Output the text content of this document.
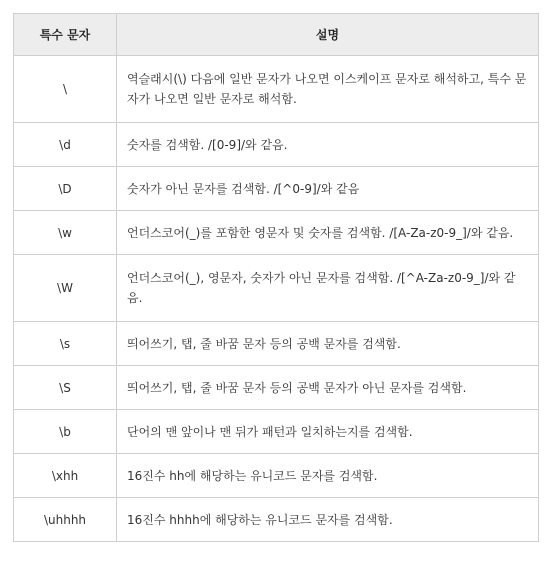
특수 문자	설명
\	역슬래시(\) 다음에 일반 문자가 나오면 이스케이프 문자로 해석하고, 특수 문자가 나오면 일반 문자로 해석함.
\d	숫자를 검색함. /[0-9]/와 같음.
\D	숫자가 아닌 문자를 검색함. /[^0-9]/와 같음
\w	언더스코어(_)를 포함한 영문자 및 숫자를 검색함. /[A-Za-z0-9_]/와 같음.
\W	언더스코어(_), 영문자, 숫자가 아닌 문자를 검색함. /[^A-Za-z0-9_]/와 같음.
\s	띄어쓰기, 탭, 줄 바꿈 문자 등의 공백 문자를 검색함.
\S	띄어쓰기, 탭, 줄 바꿈 문자 등의 공백 문자가 아닌 문자를 검색함.
\b	단어의 맨 앞이나 맨 뒤가 패턴과 일치하는지를 검색함.
\xhh	16진수 hh에 해당하는 유니코드 문자를 검색함.
\uhhhh	16진수 hhhh에 해당하는 유니코드 문자를 검색함.
